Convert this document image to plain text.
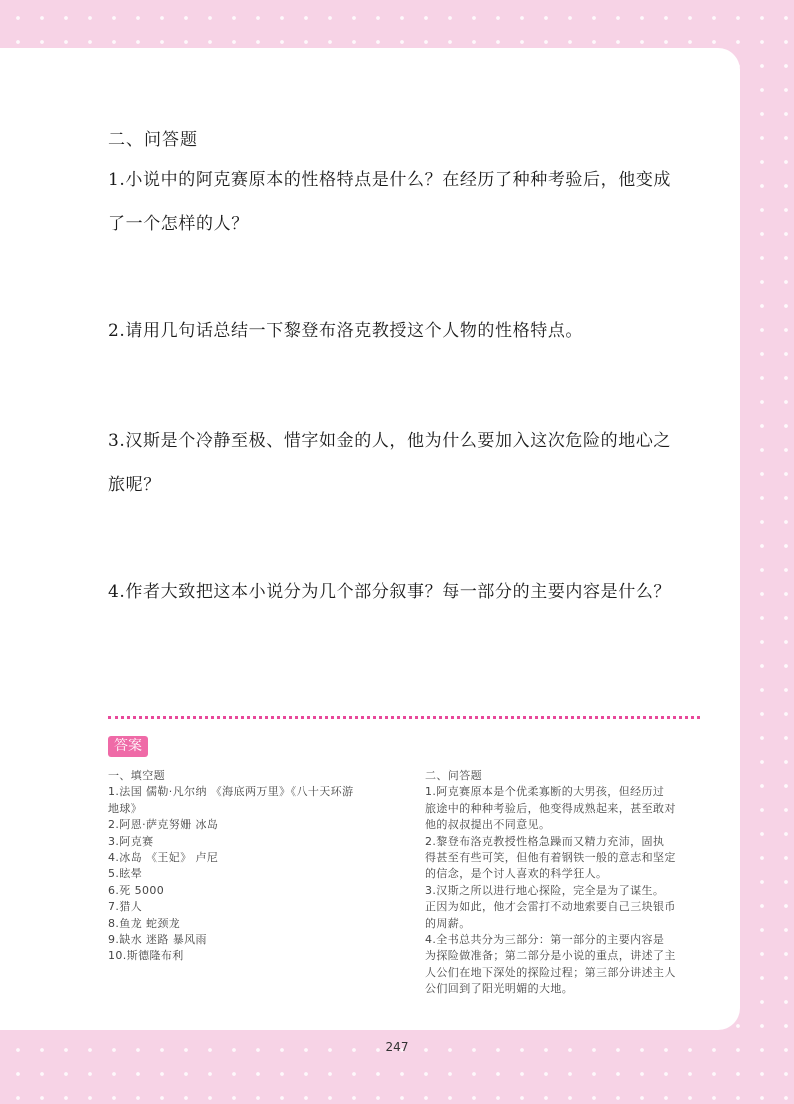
二、问答题

1.小说中的阿克赛原本的性格特点是什么？在经历了种种考验后，他变成

了一个怎样的人？

2.请用几句话总结一下黎登布洛克教授这个人物的性格特点。

3.汉斯是个冷静至极、惜字如金的人，他为什么要加入这次危险的地心之

旅呢？

4.作者大致把这本小说分为几个部分叙事？每一部分的主要内容是什么？

答案
一、填空题
1.法国 儒勒·凡尔纳 《海底两万里》《八十天环游
地球》
2.阿恩·萨克努姗 冰岛
3.阿克赛
4.冰岛 《王妃》 卢尼
5.眩晕
6.死 5000
7.猎人
8.鱼龙 蛇颈龙
9.缺水 迷路 暴风雨
10.斯德隆布利
二、问答题
1.阿克赛原本是个优柔寡断的大男孩，但经历过
旅途中的种种考验后，他变得成熟起来，甚至敢对
他的叔叔提出不同意见。
2.黎登布洛克教授性格急躁而又精力充沛，固执
得甚至有些可笑，但他有着钢铁一般的意志和坚定
的信念，是个讨人喜欢的科学狂人。
3.汉斯之所以进行地心探险，完全是为了谋生。
正因为如此，他才会雷打不动地索要自己三块银币
的周薪。
4.全书总共分为三部分：第一部分的主要内容是
为探险做准备；第二部分是小说的重点，讲述了主
人公们在地下深处的探险过程；第三部分讲述主人
公们回到了阳光明媚的大地。
247
